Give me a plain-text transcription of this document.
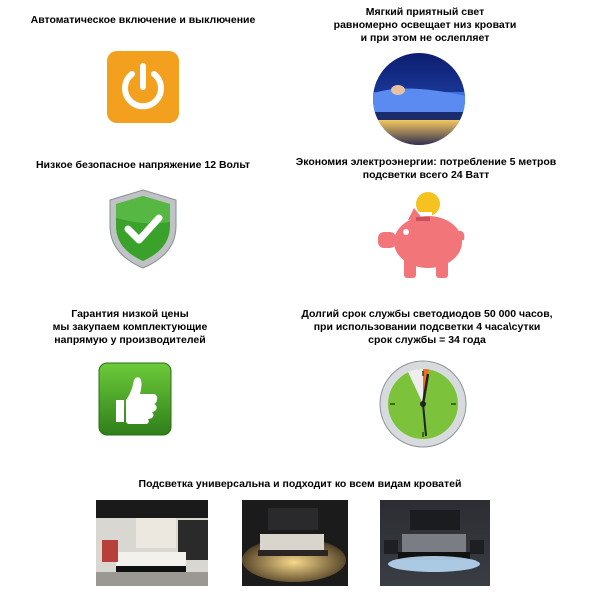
Автоматическое включение и выключение
Мягкий приятный свет
равномерно освещает низ кровати
и при этом не ослепляет
Низкое безопасное напряжение 12 Вольт	Экономия электроэнергии: потребление 5 метров
подсветки всего 24 Ватт
Гарантия низкой цены
мы закупаем комплектующие
напрямую у производителей
Долгий срок службы светодиодов 50 000 часов,
при использовании подсветки 4 часа\сутки
срок службы = 34 года
Подсветка универсальна и подходит ко всем видам кроватей
